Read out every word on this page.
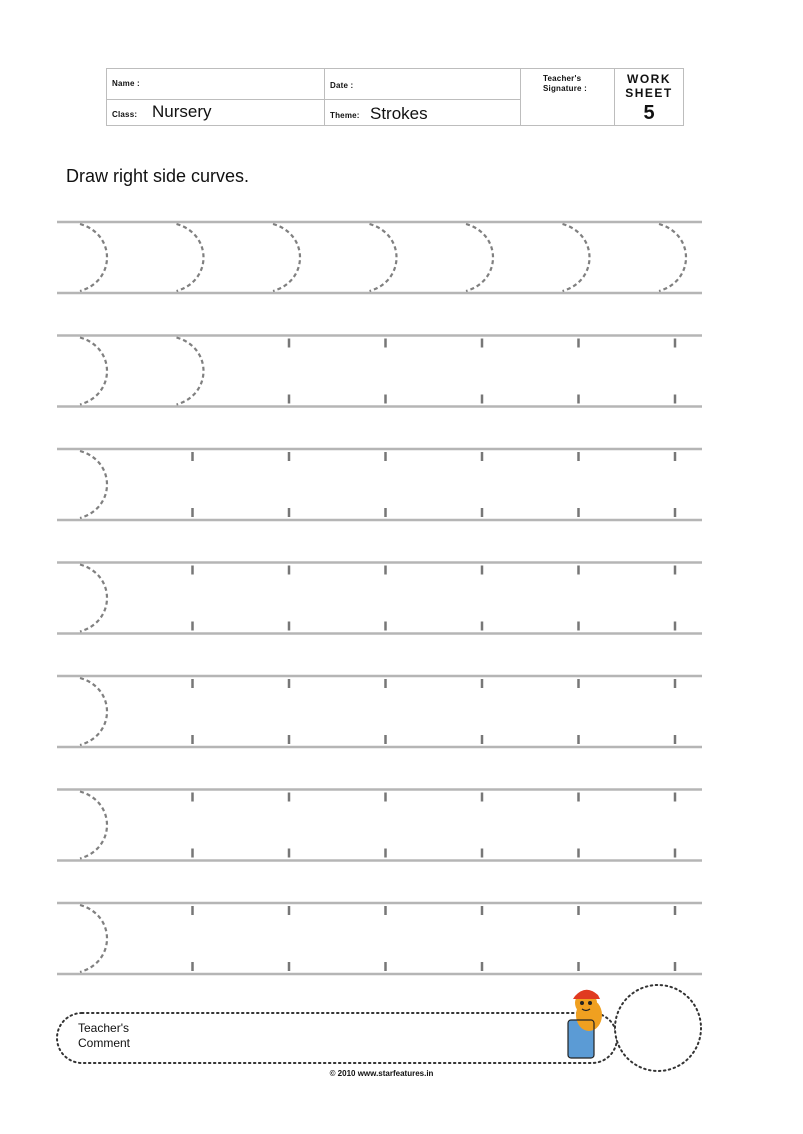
Name :
Class: Nursery
Date :
Theme: Strokes
Teacher's
Signature :
WORK
SHEET
5
Draw right side curves.
Teacher's
Comment
© 2010 www.starfeatures.in
